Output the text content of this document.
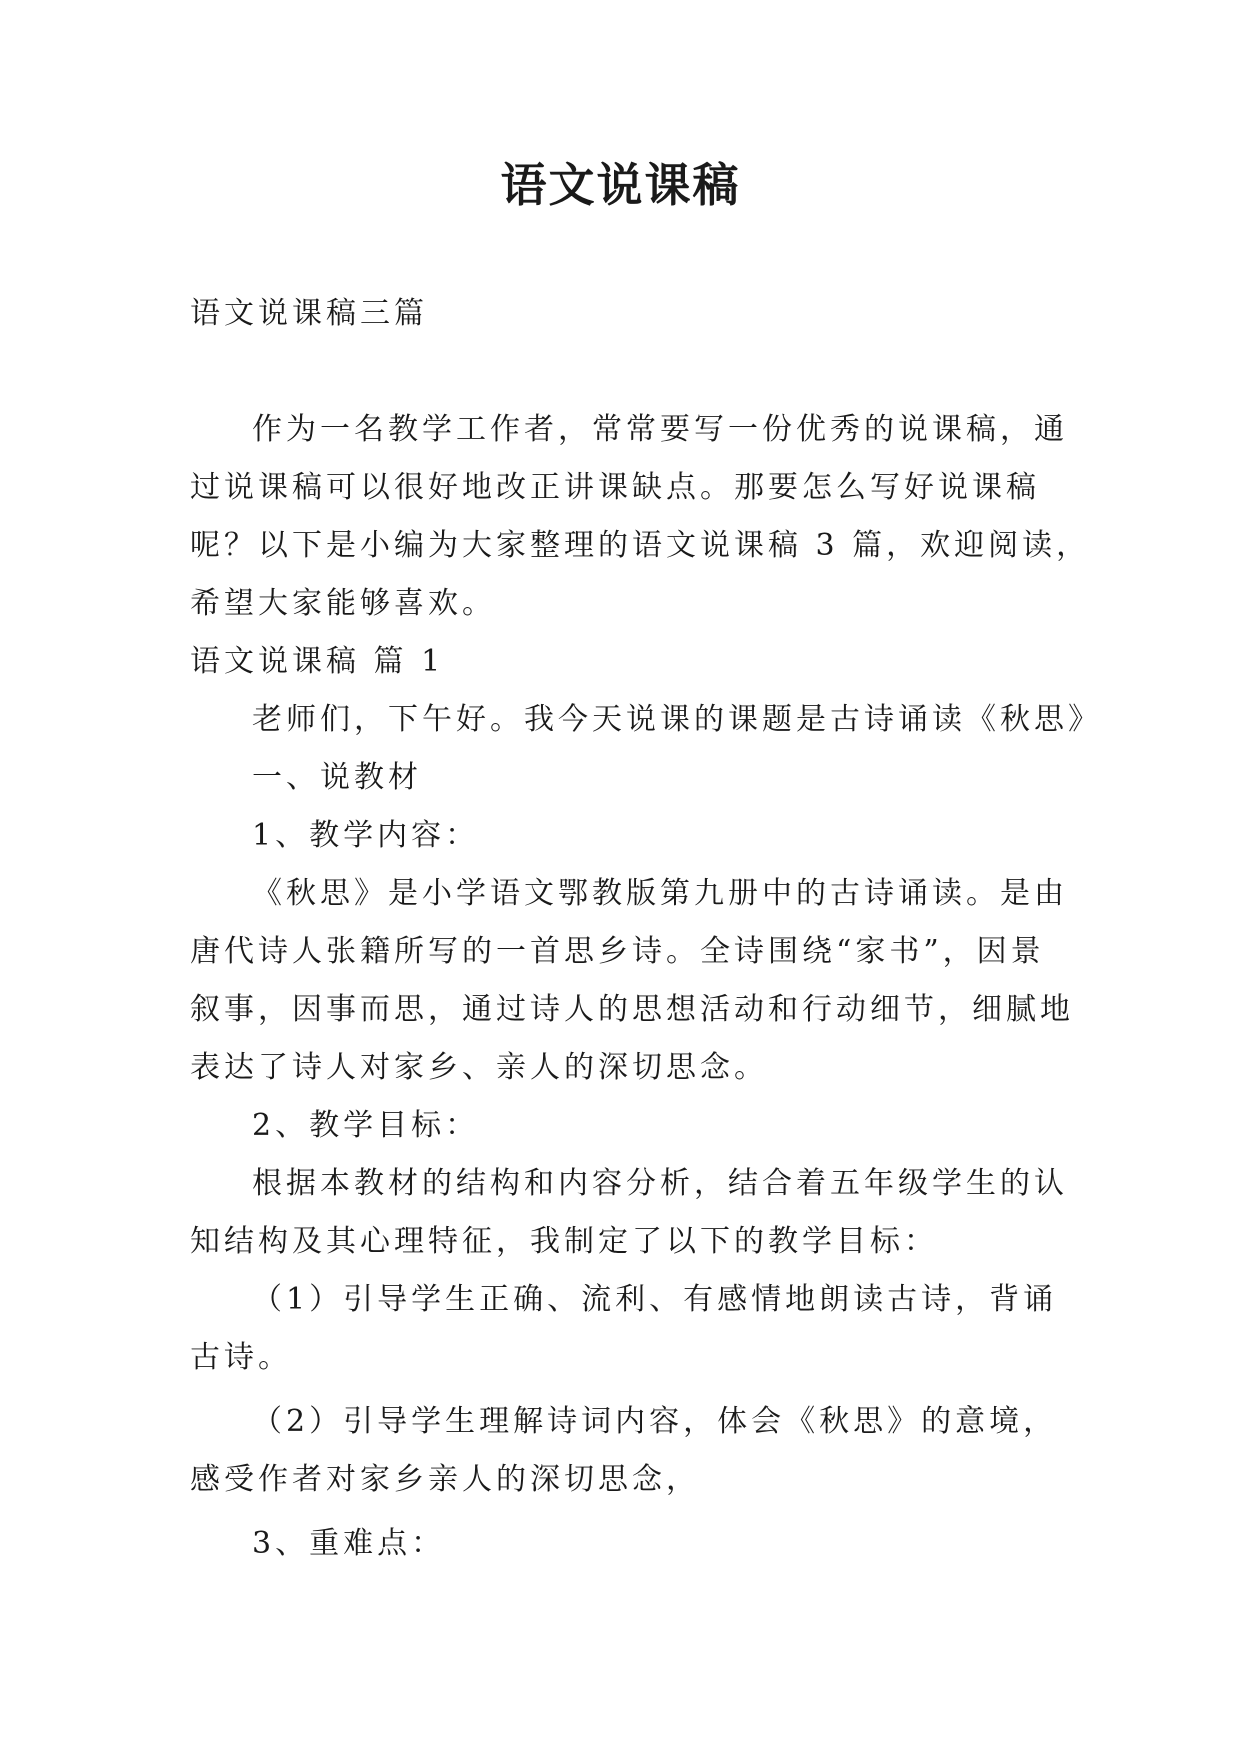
语文说课稿
语文说课稿三篇
作为一名教学工作者，常常要写一份优秀的说课稿，通
过说课稿可以很好地改正讲课缺点。那要怎么写好说课稿
呢？以下是小编为大家整理的语文说课稿 3 篇，欢迎阅读，
希望大家能够喜欢。
语文说课稿 篇 1
老师们，下午好。我今天说课的课题是古诗诵读《秋思》
一、说教材
1、教学内容：
《秋思》是小学语文鄂教版第九册中的古诗诵读。是由
唐代诗人张籍所写的一首思乡诗。全诗围绕“家书”，因景
叙事，因事而思，通过诗人的思想活动和行动细节，细腻地
表达了诗人对家乡、亲人的深切思念。
2、教学目标：
根据本教材的结构和内容分析，结合着五年级学生的认
知结构及其心理特征，我制定了以下的教学目标：
（1）引导学生正确、流利、有感情地朗读古诗，背诵
古诗。
（2）引导学生理解诗词内容，体会《秋思》的意境，
感受作者对家乡亲人的深切思念，
3、重难点：
